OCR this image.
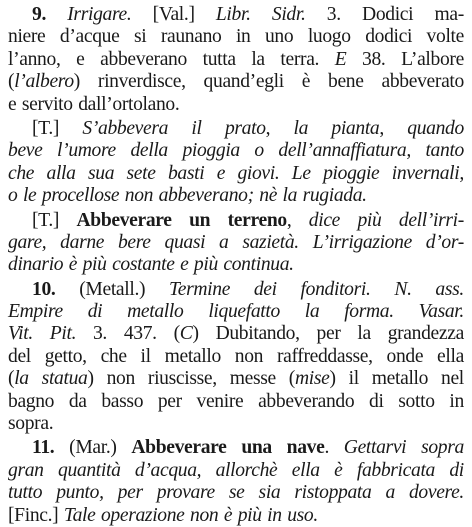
9. Irrigare. [Val.] Libr. Sidr. 3. Dodici ma-
niere d’acque si raunano in uno luogo dodici volte
l’anno, e abbeverano tutta la terra. E 38. L’albore
(l’albero) rinverdisce, quand’egli è bene abbeverato
e servito dall’ortolano.
[T.] S’abbevera il prato, la pianta, quando
beve l’umore della pioggia o dell’annaffiatura, tanto
che alla sua sete basti e giovi. Le pioggie invernali,
o le procellose non abbeverano; nè la rugiada.
[T.] Abbeverare un terreno, dice più dell’irri-
gare, darne bere quasi a sazietà. L’irrigazione d’or-
dinario è più costante e più continua.
10. (Metall.) Termine dei fonditori. N. ass.
Empire di metallo liquefatto la forma. Vasar.
Vit. Pit. 3. 437. (C) Dubitando, per la grandezza
del getto, che il metallo non raffreddasse, onde ella
(la statua) non riuscisse, messe (mise) il metallo nel
bagno da basso per venire abbeverando di sotto in
sopra.
11. (Mar.) Abbeverare una nave. Gettarvi sopra
gran quantità d’acqua, allorchè ella è fabbricata di
tutto punto, per provare se sia ristoppata a dovere.
[Finc.] Tale operazione non è più in uso.
